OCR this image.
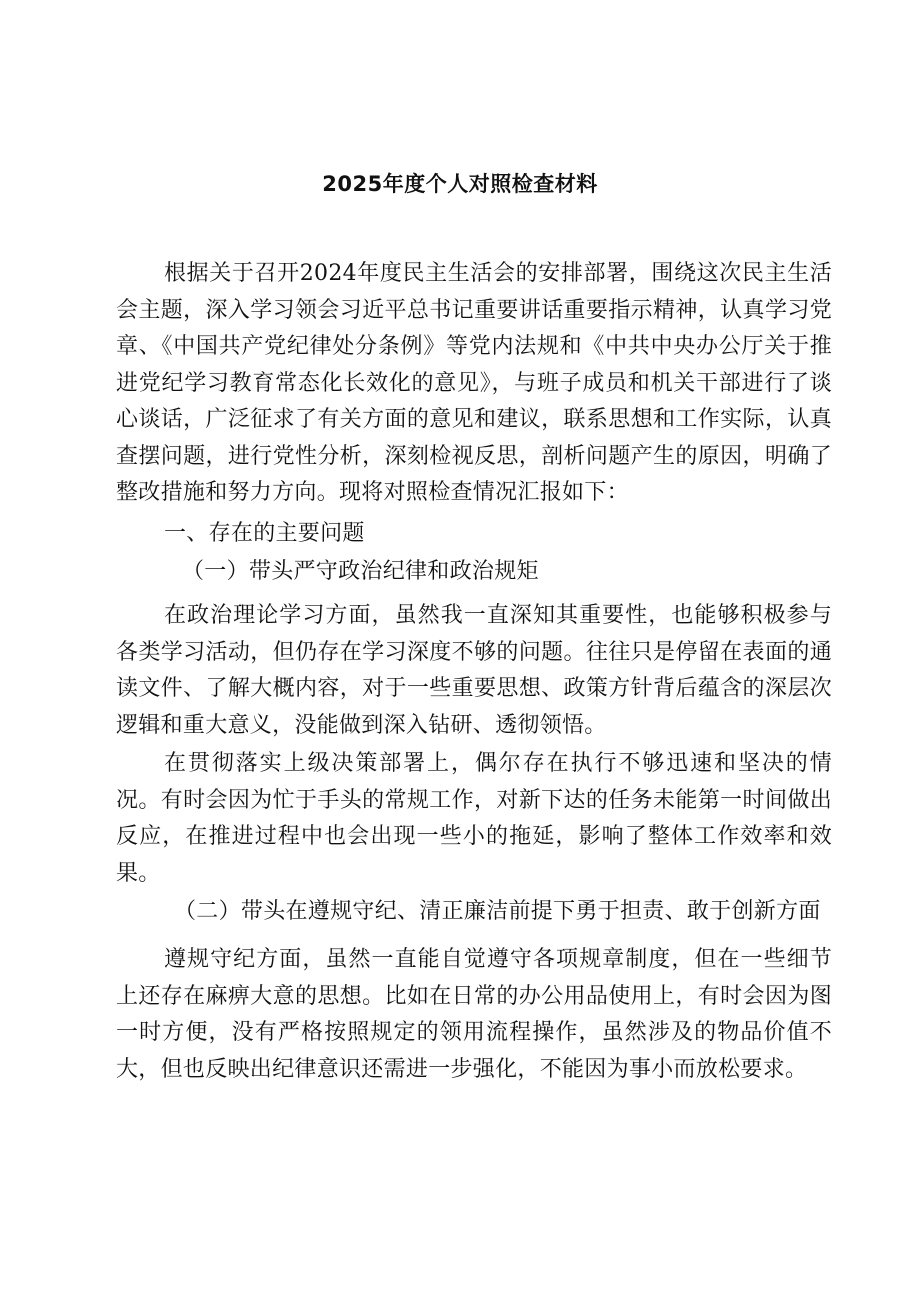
2025年度个人对照检查材料

根据关于召开2024年度民主生活会的安排部署，围绕这次民主生活会主题，深入学习领会习近平总书记重要讲话重要指示精神，认真学习党章、《中国共产党纪律处分条例》等党内法规和《中共中央办公厅关于推进党纪学习教育常态化长效化的意见》，与班子成员和机关干部进行了谈心谈话，广泛征求了有关方面的意见和建议，联系思想和工作实际，认真查摆问题，进行党性分析，深刻检视反思，剖析问题产生的原因，明确了整改措施和努力方向。现将对照检查情况汇报如下：

一、存在的主要问题

（一）带头严守政治纪律和政治规矩

在政治理论学习方面，虽然我一直深知其重要性，也能够积极参与各类学习活动，但仍存在学习深度不够的问题。往往只是停留在表面的通读文件、了解大概内容，对于一些重要思想、政策方针背后蕴含的深层次逻辑和重大意义，没能做到深入钻研、透彻领悟。

在贯彻落实上级决策部署上，偶尔存在执行不够迅速和坚决的情况。有时会因为忙于手头的常规工作，对新下达的任务未能第一时间做出反应，在推进过程中也会出现一些小的拖延，影响了整体工作效率和效果。

（二）带头在遵规守纪、清正廉洁前提下勇于担责、敢于创新方面

遵规守纪方面，虽然一直能自觉遵守各项规章制度，但在一些细节上还存在麻痹大意的思想。比如在日常的办公用品使用上，有时会因为图一时方便，没有严格按照规定的领用流程操作，虽然涉及的物品价值不大，但也反映出纪律意识还需进一步强化，不能因为事小而放松要求。
